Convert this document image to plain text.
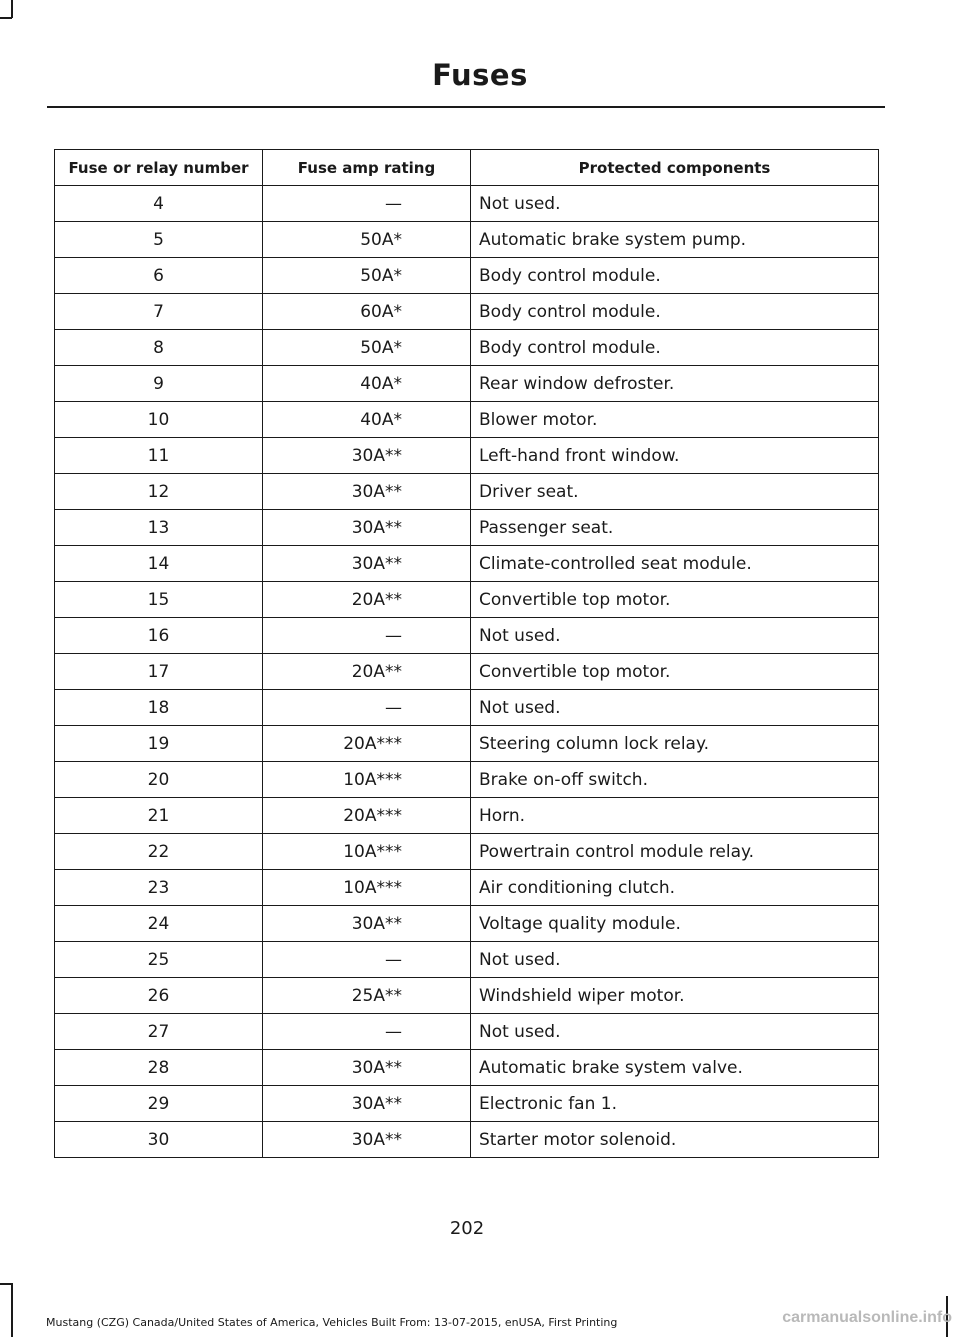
Fuses
Fuse or relay number	Fuse amp rating	Protected components
4	—	Not used.
5	50A*	Automatic brake system pump.
6	50A*	Body control module.
7	60A*	Body control module.
8	50A*	Body control module.
9	40A*	Rear window defroster.
10	40A*	Blower motor.
11	30A**	Left-hand front window.
12	30A**	Driver seat.
13	30A**	Passenger seat.
14	30A**	Climate-controlled seat module.
15	20A**	Convertible top motor.
16	—	Not used.
17	20A**	Convertible top motor.
18	—	Not used.
19	20A***	Steering column lock relay.
20	10A***	Brake on-off switch.
21	20A***	Horn.
22	10A***	Powertrain control module relay.
23	10A***	Air conditioning clutch.
24	30A**	Voltage quality module.
25	—	Not used.
26	25A**	Windshield wiper motor.
27	—	Not used.
28	30A**	Automatic brake system valve.
29	30A**	Electronic fan 1.
30	30A**	Starter motor solenoid.
202
Mustang (CZG) Canada/United States of America, Vehicles Built From: 13-07-2015, enUSA, First Printing	carmanualsonline.info
